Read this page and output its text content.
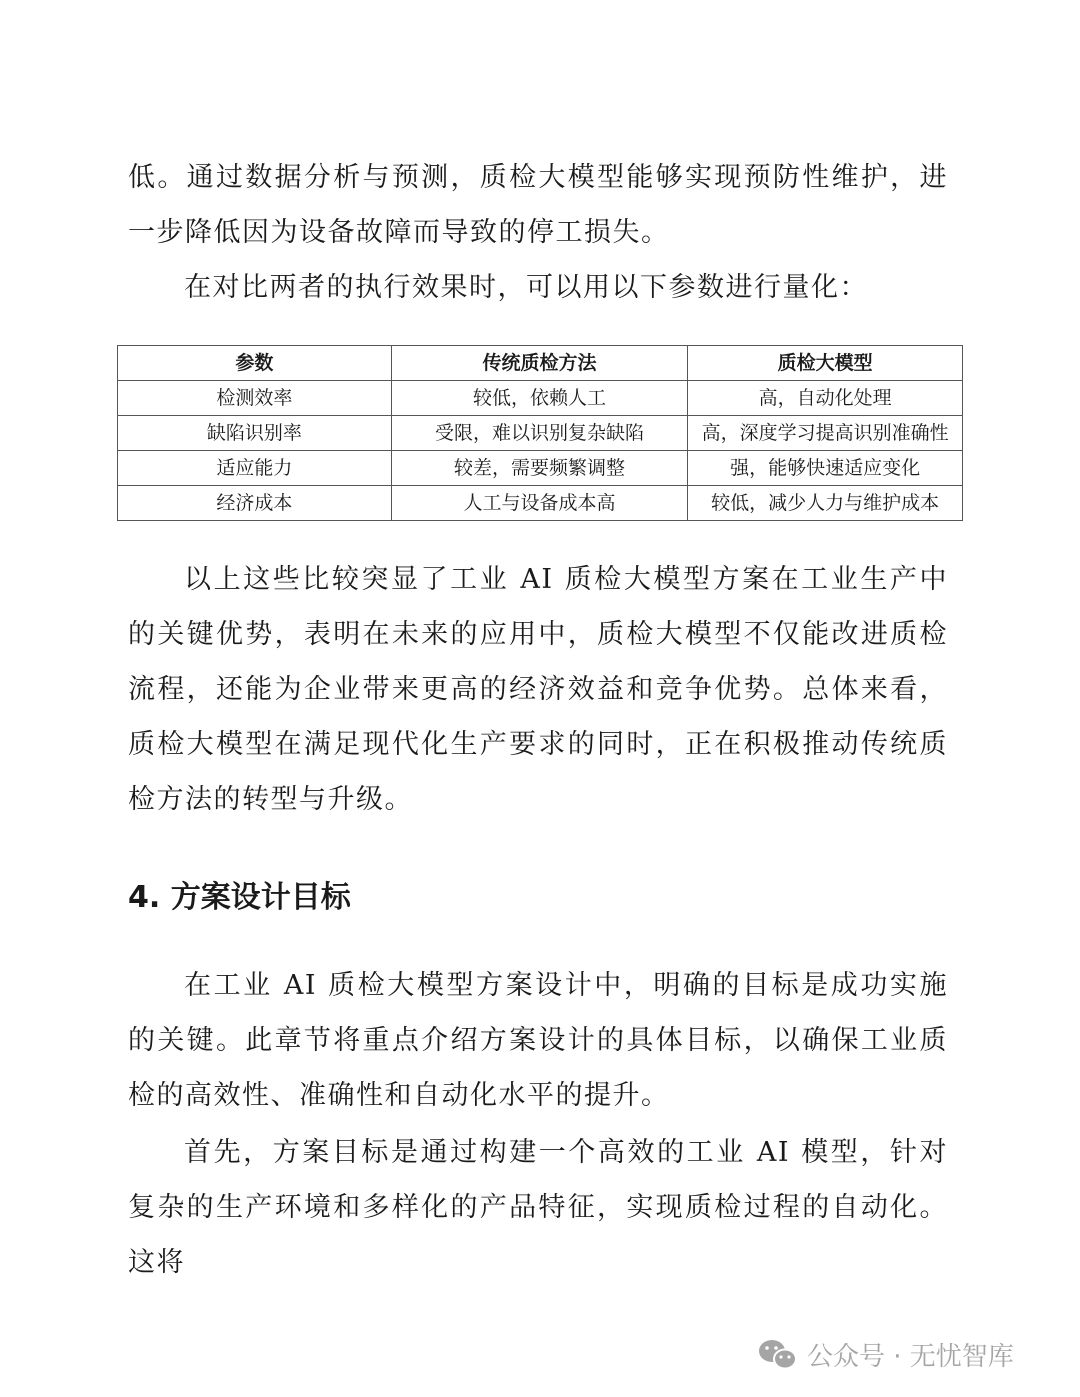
低。通过数据分析与预测，质检大模型能够实现预防性维护，进一步降低因为设备故障而导致的停工损失。

在对比两者的执行效果时，可以用以下参数进行量化：

参数	传统质检方法	质检大模型
检测效率	较低，依赖人工	高，自动化处理
缺陷识别率	受限，难以识别复杂缺陷	高，深度学习提高识别准确性
适应能力	较差，需要频繁调整	强，能够快速适应变化
经济成本	人工与设备成本高	较低，减少人力与维护成本

以上这些比较突显了工业 AI 质检大模型方案在工业生产中的关键优势，表明在未来的应用中，质检大模型不仅能改进质检流程，还能为企业带来更高的经济效益和竞争优势。总体来看，质检大模型在满足现代化生产要求的同时，正在积极推动传统质检方法的转型与升级。

4. 方案设计目标

在工业 AI 质检大模型方案设计中，明确的目标是成功实施的关键。此章节将重点介绍方案设计的具体目标，以确保工业质检的高效性、准确性和自动化水平的提升。

首先，方案目标是通过构建一个高效的工业 AI 模型，针对复杂的生产环境和多样化的产品特征，实现质检过程的自动化。这将

公众号 · 无忧智库
